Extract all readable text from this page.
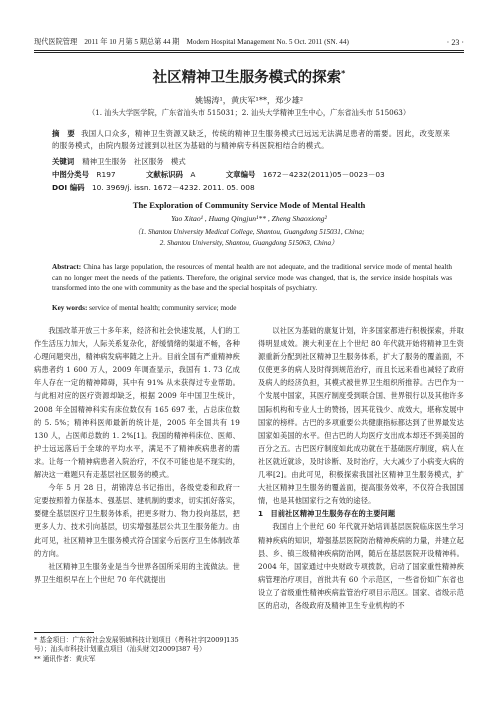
现代医院管理　2011 年 10 月第 5 期总第 44 期　Modern Hospital Management No. 5 Oct. 2011 (SN. 44)	· 23 ·
社区精神卫生服务模式的探索*
姚锡涛¹，黄庆军¹**，郑少雄²
（1. 汕头大学医学院，广东省汕头市 515031；2. 汕头大学精神卫生中心，广东省汕头市 515063）
摘　要 我国人口众多，精神卫生资源又缺乏，传统的精神卫生服务模式已远远无法满足患者的需要。因此，改变原来的服务模式，由院内服务过渡到以社区为基础的与精神病专科医院相结合的模式。
关键词 精神卫生服务　社区服务　模式
中图分类号　 R197	文献标识码　 A	文章编号　 1672－4232(2011)05－0023－03
DOI 编码　 10. 3969/j. issn. 1672－4232. 2011. 05. 008
The Exploration of Community Service Mode of Mental Health
Yao Xitao¹ , Huang Qingjun¹** , Zheng Shaoxiong²
（1. Shantou University Medical College, Shantou, Guangdong 515031, China;
2. Shantou University, Shantou, Guangdong 515063, China）
Abstract: China has large population, the resources of mental health are not adequate, and the traditional service mode of mental health can no longer meet the needs of the patients. Therefore, the original service mode was changed, that is, the service inside hospitals was transformed into the one with community as the base and the special hospitals of psychiatry.
Key words: service of mental health; community service; mode

我国改革开放三十多年来，经济和社会快速发展，人们的工作生活压力加大，人际关系复杂化，舒缓情绪的渠道不畅，各种心理问题突出，精神病发病率随之上升。目前全国有严重精神疾病患者约 1 600 万人，2009 年调查显示，我国有 1. 73 亿成年人存在一定的精神障碍，其中有 91% 从未获得过专业帮助。与此相对应的医疗资源却缺乏，根据 2009 年中国卫生统计，2008 年全国精神科实有床位数仅有 165 697 张，占总床位数的 5. 5%；精神科医师最新的统计是，2005 年全国共有 19 130 人，占医师总数的 1. 2%[1]。我国的精神科床位、医师、护士远远落后于全球的平均水平，满足不了精神疾病患者的需求。让每一个精神病患者入院治疗，不仅不可能也是不现实的，解决这一难题只有走基层社区服务的模式。

今年 5 月 28 日，胡锦涛总书记指出，各级党委和政府一定要按照着力保基本、强基层、建机制的要求，切实抓好落实，要健全基层医疗卫生服务体系，把更多财力、物力投向基层，把更多人力、技术引向基层，切实增强基层公共卫生服务能力。由此可见，社区精神卫生服务模式符合国家今后医疗卫生体制改革的方向。

社区精神卫生服务业是当今世界各国所采用的主流做法。世界卫生组织早在上个世纪 70 年代就提出

以社区为基础的康复计划，许多国家都进行积极探索，并取得明显成效。澳大利亚在上个世纪 80 年代就开始将精神卫生资源重新分配到社区精神卫生服务体系，扩大了服务的覆盖面，不仅使更多的病人及时得到规范治疗，而且长远来看也减轻了政府及病人的经济负担，其模式被世界卫生组织所推荐。古巴作为一个发展中国家，其医疗制度受到联合国、世界银行以及其他许多国际机构和专业人士的赞扬，因其花钱少、成效大，堪称发展中国家的榜样。古巴的多项重要公共健康指标都达到了世界最发达国家如美国的水平。但古巴的人均医疗支出成本却还不到美国的百分之五。古巴医疗制度如此成功就在于基础医疗制度，病人在社区就近就诊，及时诊断、及时治疗，大大减少了小病变大病的几率[2]。由此可见，积极探索我国社区精神卫生服务模式，扩大社区精神卫生服务的覆盖面，提高服务效率，不仅符合我国国情，也是其他国家行之有效的途径。

1　目前社区精神卫生服务存在的主要问题

我国自上个世纪 60 年代就开始培训基层医院临床医生学习精神疾病的知识，增强基层医院防治精神疾病的力量，并建立起县、乡、镇三级精神疾病防治网，随后在基层医院开设精神科。2004 年，国家通过中央财政专项拨款，启动了国家重性精神疾病管理治疗项目，首批共有 60 个示范区，一些省份如广东省也设立了省级重性精神疾病监管治疗项目示范区。国家、省级示范区的启动，各级政府及精神卫生专业机构的不

* 基金项目：广东省社会发展领域科技计划项目（粤科社字[2009]135 号）；汕头市科技计划重点项目（汕头财文[2009]387 号）

** 通讯作者：黄庆军
